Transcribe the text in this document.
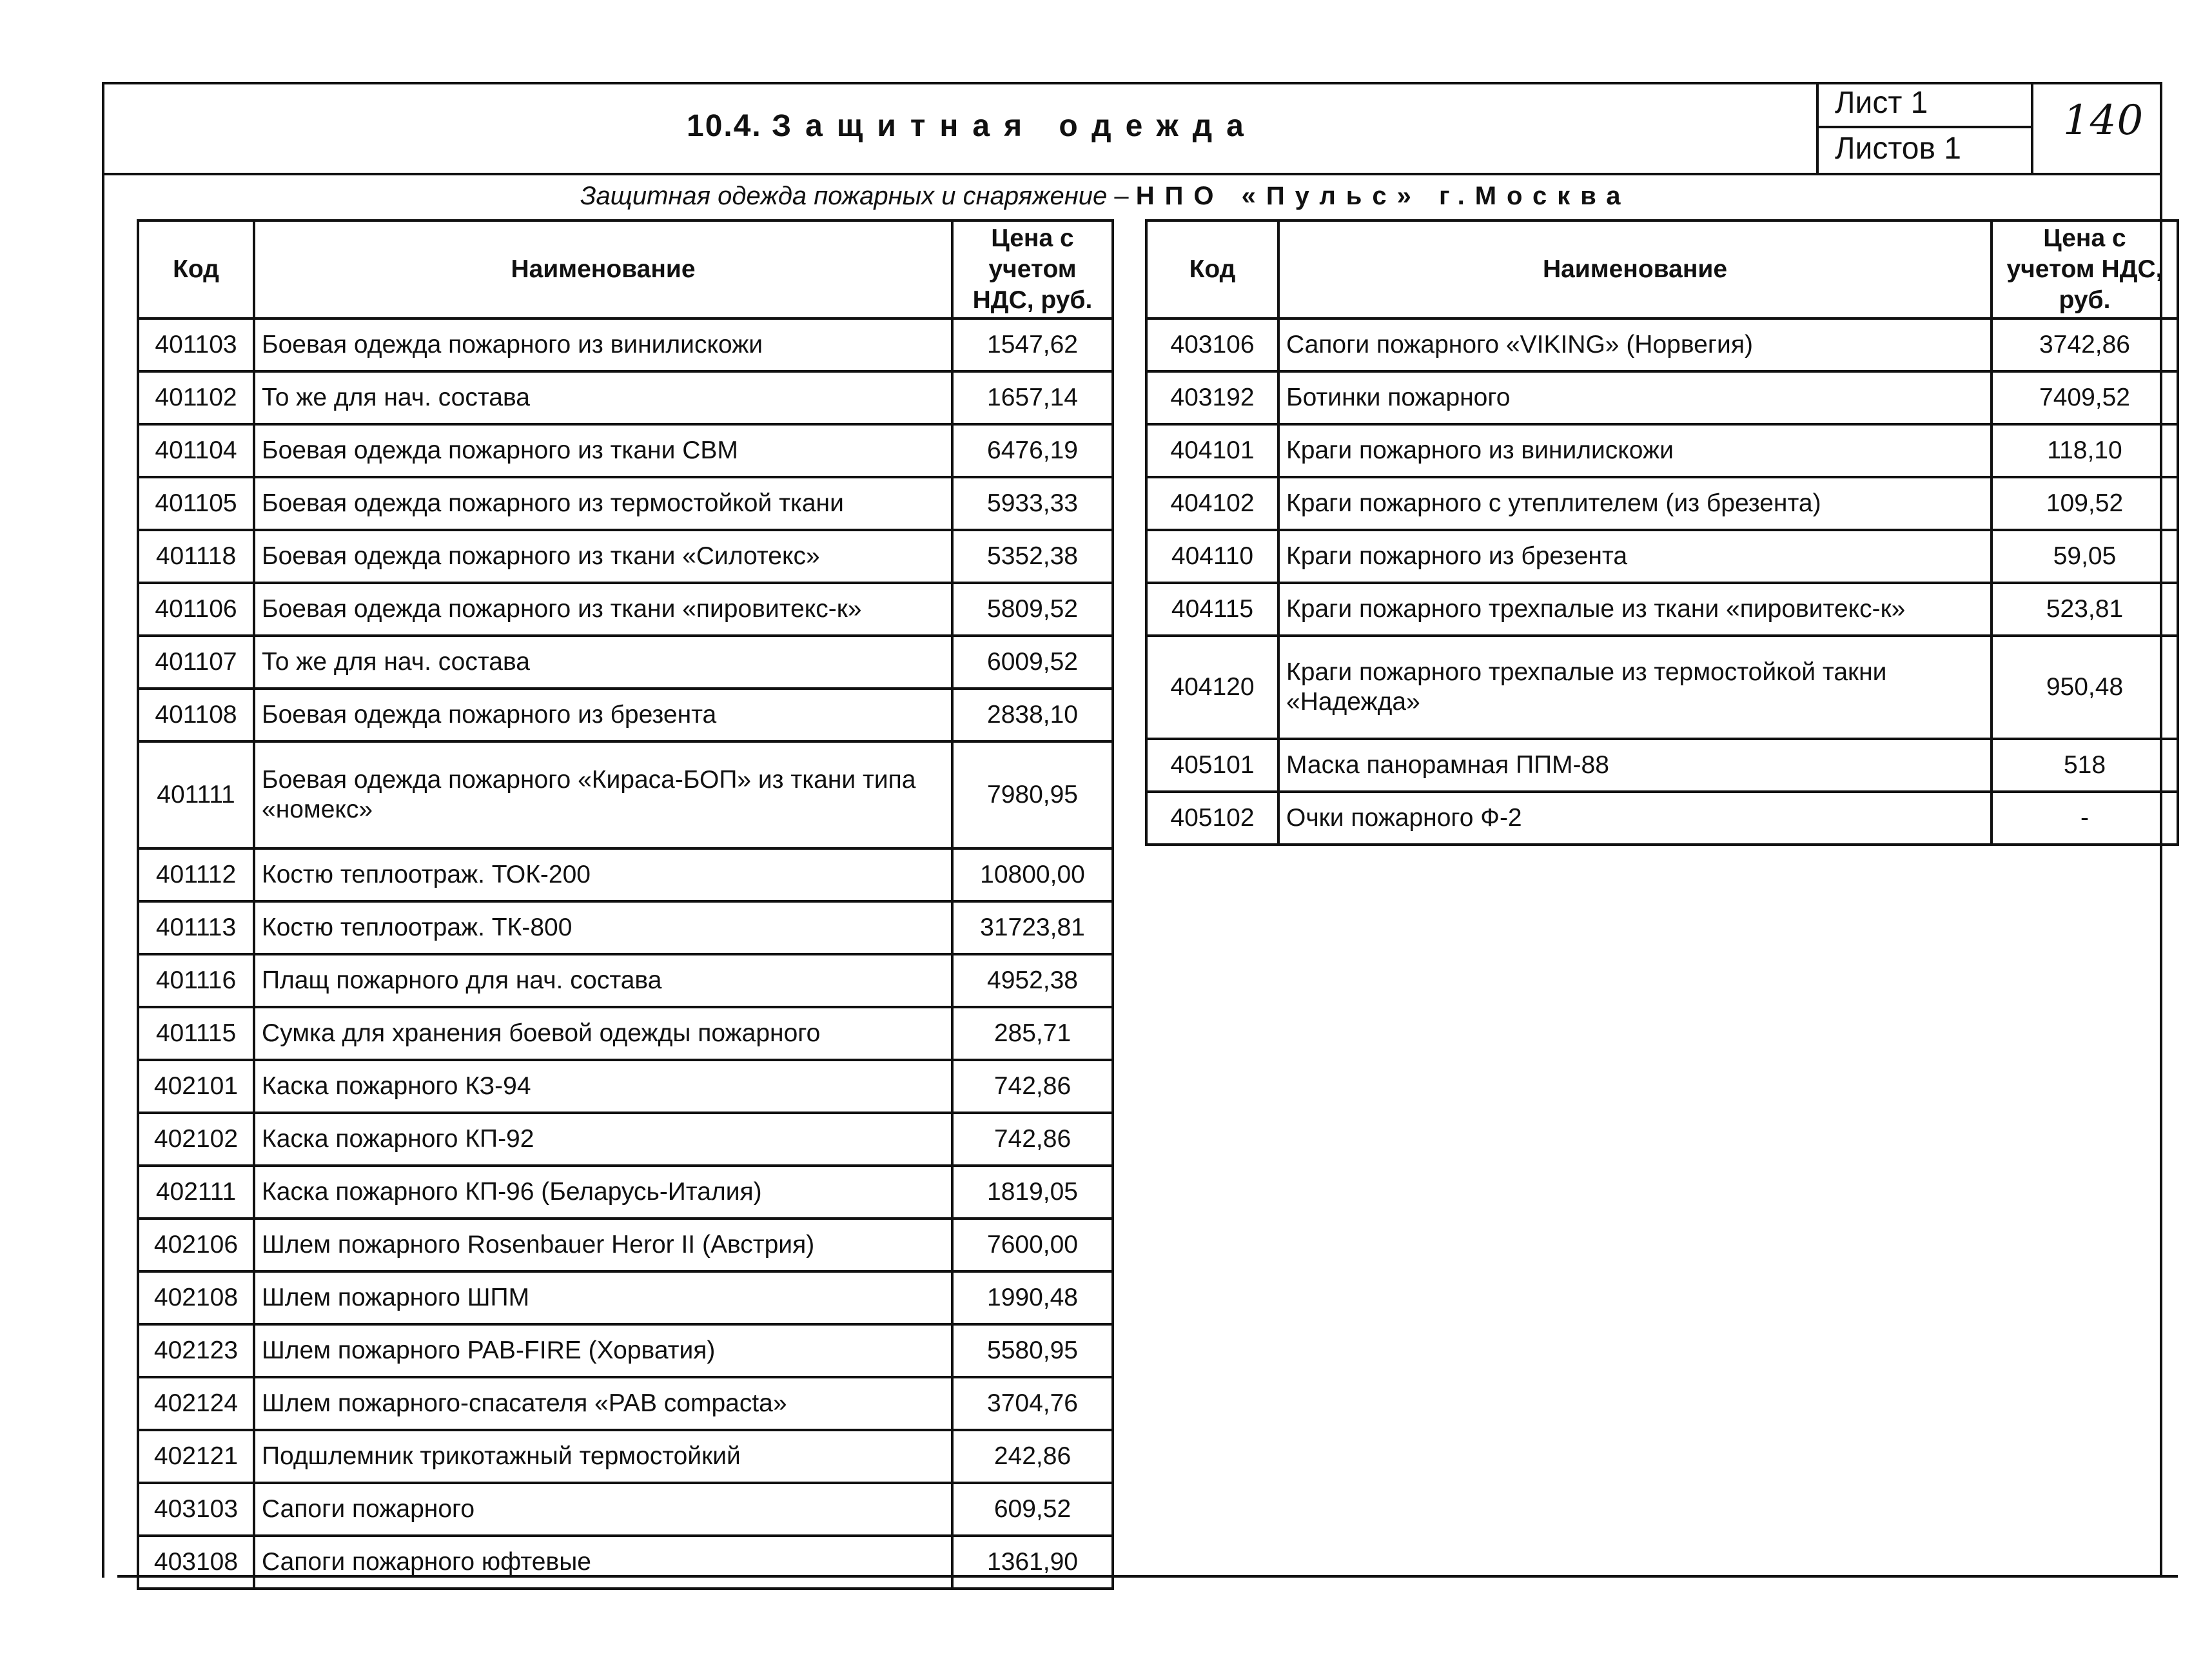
10.4. Защитная одежда
Лист 1
Листов 1
140
Защитная одежда пожарных и снаряжение – НПО «Пульс» г.Москва
Код	Наименование	Цена с учетом НДС, руб.
401103	Боевая одежда пожарного из винилискожи	1547,62
401102	То же для нач. состава	1657,14
401104	Боевая одежда пожарного из ткани СВМ	6476,19
401105	Боевая одежда пожарного из термостойкой ткани	5933,33
401118	Боевая одежда пожарного из ткани «Силотекс»	5352,38
401106	Боевая одежда пожарного из ткани «пировитекс-к»	5809,52
401107	То же для нач. состава	6009,52
401108	Боевая одежда пожарного из брезента	2838,10
401111	Боевая одежда пожарного «Кираса-БОП» из ткани типа «номекс»	7980,95
401112	Костю теплоотраж. ТОК-200	10800,00
401113	Костю теплоотраж. ТК-800	31723,81
401116	Плащ пожарного для нач. состава	4952,38
401115	Сумка для хранения боевой одежды пожарного	285,71
402101	Каска пожарного КЗ-94	742,86
402102	Каска пожарного КП-92	742,86
402111	Каска пожарного КП-96 (Беларусь-Италия)	1819,05
402106	Шлем пожарного Rosenbauer Heror II (Австрия)	7600,00
402108	Шлем пожарного ШПМ	1990,48
402123	Шлем пожарного PAB-FIRE (Хорватия)	5580,95
402124	Шлем пожарного-спасателя «PAB compacta»	3704,76
402121	Подшлемник трикотажный термостойкий	242,86
403103	Сапоги пожарного	609,52
403108	Сапоги пожарного юфтевые	1361,90
Код	Наименование	Цена с учетом НДС, руб.
403106	Сапоги пожарного «VIKING» (Норвегия)	3742,86
403192	Ботинки пожарного	7409,52
404101	Краги пожарного из винилискожи	118,10
404102	Краги пожарного с утеплителем (из брезента)	109,52
404110	Краги пожарного из брезента	59,05
404115	Краги пожарного трехпалые из ткани «пировитекс-к»	523,81
404120	Краги пожарного трехпалые из термостойкой такни «Надежда»	950,48
405101	Маска панорамная ППМ-88	518
405102	Очки пожарного Ф-2	-
